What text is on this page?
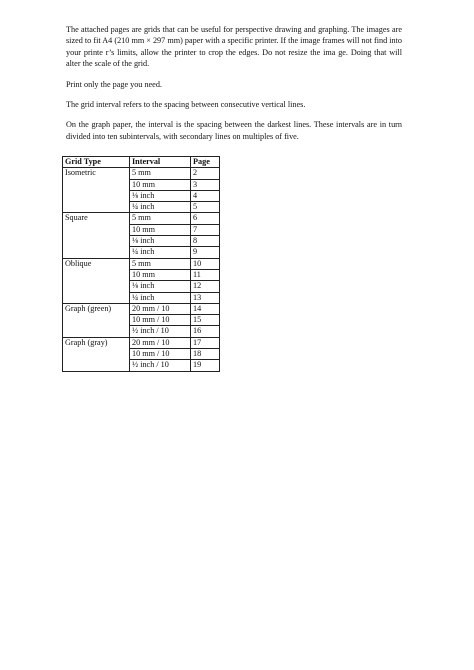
The attached pages are grids that can be useful for perspective drawing and graphing. The images are sized to fit A4 (210 mm × 297 mm) paper with a specific printer. If the image frames will not find into your printe r’s limits, allow the printer to crop the edges. Do not resize the ima ge. Doing that will alter the scale of the grid.

Print only the page you need.

The grid interval refers to the spacing between consecutive vertical lines.

On the graph paper, the interval is the spacing between the darkest lines. These intervals are in turn divided into ten subintervals, with secondary lines on multiples of five.

Grid Type	Interval	Page
Isometric	5 mm	2
	10 mm	3
	⅛ inch	4
	¼ inch	5
Square	5 mm	6
	10 mm	7
	⅛ inch	8
	¼ inch	9
Oblique	5 mm	10
	10 mm	11
	⅛ inch	12
	¼ inch	13
Graph (green)	20 mm / 10	14
	10 mm / 10	15
	½ inch / 10	16
Graph (gray)	20 mm / 10	17
	10 mm / 10	18
	½ inch / 10	19
